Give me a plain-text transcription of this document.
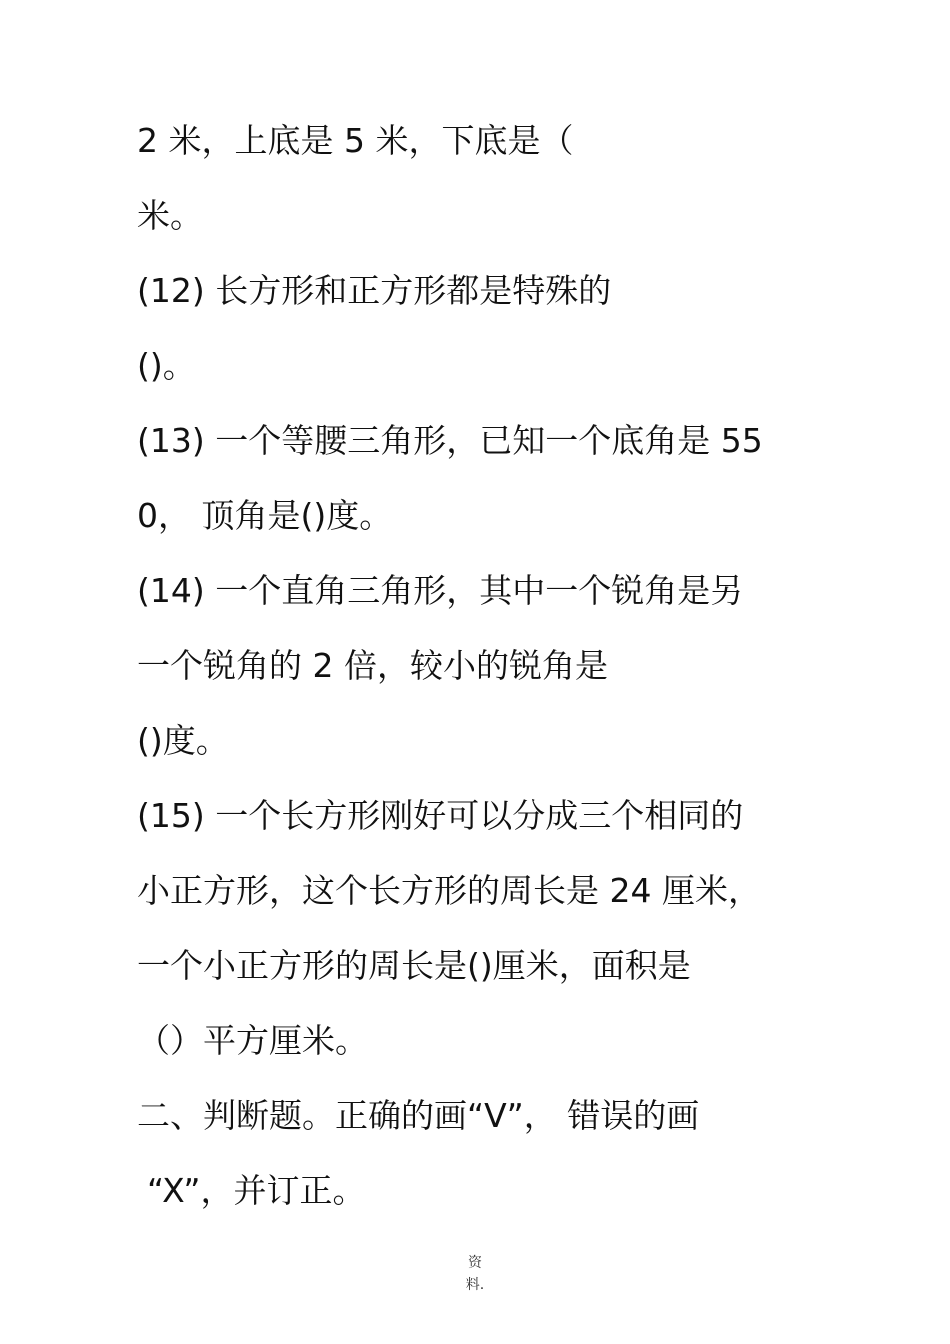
2 米，上底是 5 米，下底是（
米。
(12) 长方形和正方形都是特殊的
()。
(13) 一个等腰三角形，已知一个底角是 55
0， 顶角是()度。
(14) 一个直角三角形，其中一个锐角是另
一个锐角的 2 倍，较小的锐角是
()度。
(15) 一个长方形刚好可以分成三个相同的
小正方形，这个长方形的周长是 24 厘米，
一个小正方形的周长是()厘米，面积是
（）平方厘米。
二、判断题。正确的画“V”， 错误的画
“X”，并订正。
资
料.
